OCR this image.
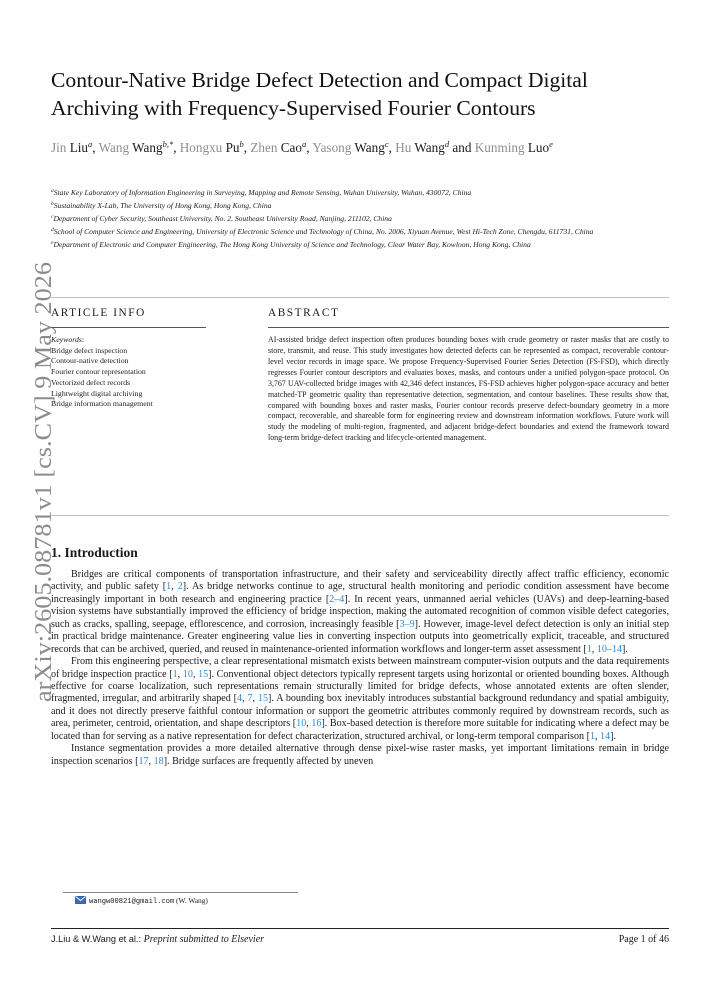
arXiv:2605.08781v1 [cs.CV] 9 May 2026
Contour-Native Bridge Defect Detection and Compact Digital Archiving with Frequency-Supervised Fourier Contours
Jin Liu$^a$, Wang Wang$^{b,*}$, Hongxu Pu$^b$, Zhen Cao$^a$, Yasong Wang$^c$, Hu Wang$^d$ and Kunming Luo$^e$
$^a$State Key Laboratory of Information Engineering in Surveying, Mapping and Remote Sensing, Wuhan University, Wuhan, 430072, China
$^b$Sustainability X-Lab, The University of Hong Kong, Hong Kong, China
$^c$Department of Cyber Security, Southeast University, No. 2, Southeast University Road, Nanjing, 211102, China
$^d$School of Computer Science and Engineering, University of Electronic Science and Technology of China, No. 2006, Xiyuan Avenue, West Hi-Tech Zone, Chengdu, 611731, China
$^e$Department of Electronic and Computer Engineering, The Hong Kong University of Science and Technology, Clear Water Bay, Kowloon, Hong Kong, China
ARTICLE INFO	ABSTRACT
Keywords:
Bridge defect inspection
Contour-native detection
Fourier contour representation
Vectorized defect records
Lightweight digital archiving
Bridge information management

AI-assisted bridge defect inspection often produces bounding boxes with crude geometry or raster masks that are costly to store, transmit, and reuse. This study investigates how detected defects can be represented as compact, recoverable contour-level vector records in image space. We propose Frequency-Supervised Fourier Series Detection (FS-FSD), which directly regresses Fourier contour descriptors and evaluates boxes, masks, and contours under a unified polygon-space protocol. On 3,767 UAV-collected bridge images with 42,346 defect instances, FS-FSD achieves higher polygon-space accuracy and better matched-TP geometric quality than representative detection, segmentation, and contour baselines. These results show that, compared with bounding boxes and raster masks, Fourier contour records preserve defect-boundary geometry in a more compact, recoverable, and shareable form for engineering review and downstream information workflows. Future work will study the modeling of multi-region, fragmented, and adjacent bridge-defect boundaries and extend the framework toward long-term bridge-defect tracking and lifecycle-oriented management.

1. Introduction

Bridges are critical components of transportation infrastructure, and their safety and serviceability directly affect traffic efficiency, economic activity, and public safety [1, 2]. As bridge networks continue to age, structural health monitoring and periodic condition assessment have become increasingly important in both research and engineering practice [2–4]. In recent years, unmanned aerial vehicles (UAVs) and deep-learning-based vision systems have substantially improved the efficiency of bridge inspection, making the automated recognition of common visible defect categories, such as cracks, spalling, seepage, efflorescence, and corrosion, increasingly feasible [3–9]. However, image-level defect detection is only an initial step in practical bridge maintenance. Greater engineering value lies in converting inspection outputs into geometrically explicit, traceable, and structured records that can be archived, queried, and reused in maintenance-oriented information workflows and longer-term asset assessment [1, 10–14].

From this engineering perspective, a clear representational mismatch exists between mainstream computer-vision outputs and the data requirements of bridge inspection practice [1, 10, 15]. Conventional object detectors typically represent targets using horizontal or oriented bounding boxes. Although effective for coarse localization, such representations remain structurally limited for bridge defects, whose annotated extents are often slender, fragmented, irregular, and arbitrarily shaped [4, 7, 15]. A bounding box inevitably introduces substantial background redundancy and spatial ambiguity, and it does not directly preserve faithful contour information or support the geometric attributes commonly required by downstream records, such as area, perimeter, centroid, orientation, and shape descriptors [10, 16]. Box-based detection is therefore more suitable for indicating where a defect may be located than for serving as a native representation for defect characterization, structured archival, or long-term temporal comparison [1, 14].

Instance segmentation provides a more detailed alternative through dense pixel-wise raster masks, yet important limitations remain in bridge inspection scenarios [17, 18]. Bridge surfaces are frequently affected by uneven

wangw00821@gmail.com (W. Wang)
J.Liu & W.Wang et al.: Preprint submitted to Elsevier	Page 1 of 46
